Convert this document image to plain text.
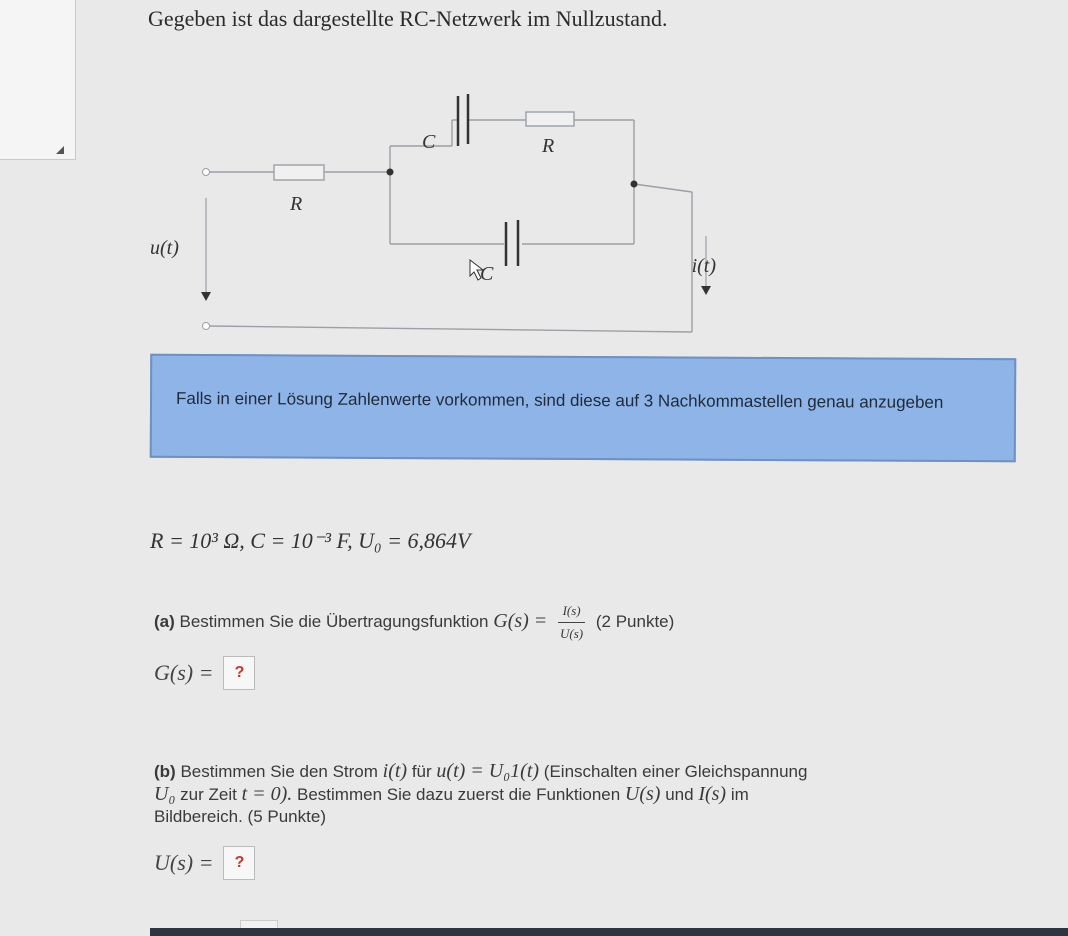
Gegeben ist das dargestellte RC-Netzwerk im Nullzustand.
u(t)
i(t)
R
C	R
C
Falls in einer Lösung Zahlenwerte vorkommen, sind diese auf 3 Nachkommastellen genau anzugeben
R = 10³ Ω, C = 10⁻³ F, U₀ = 6,864V
(a) Bestimmen Sie die Übertragungsfunktion $G(s) = \frac{I(s)}{U(s)} (2$ Punkte)
G(s) =	?
(b) Bestimmen Sie den Strom i(t) für u(t) = U₀1(t) (Einschalten einer Gleichspannung
U₀ zur Zeit t = 0). Bestimmen Sie dazu zuerst die Funktionen U(s) und I(s) im
Bildbereich. (5 Punkte)
U(s) =	?
